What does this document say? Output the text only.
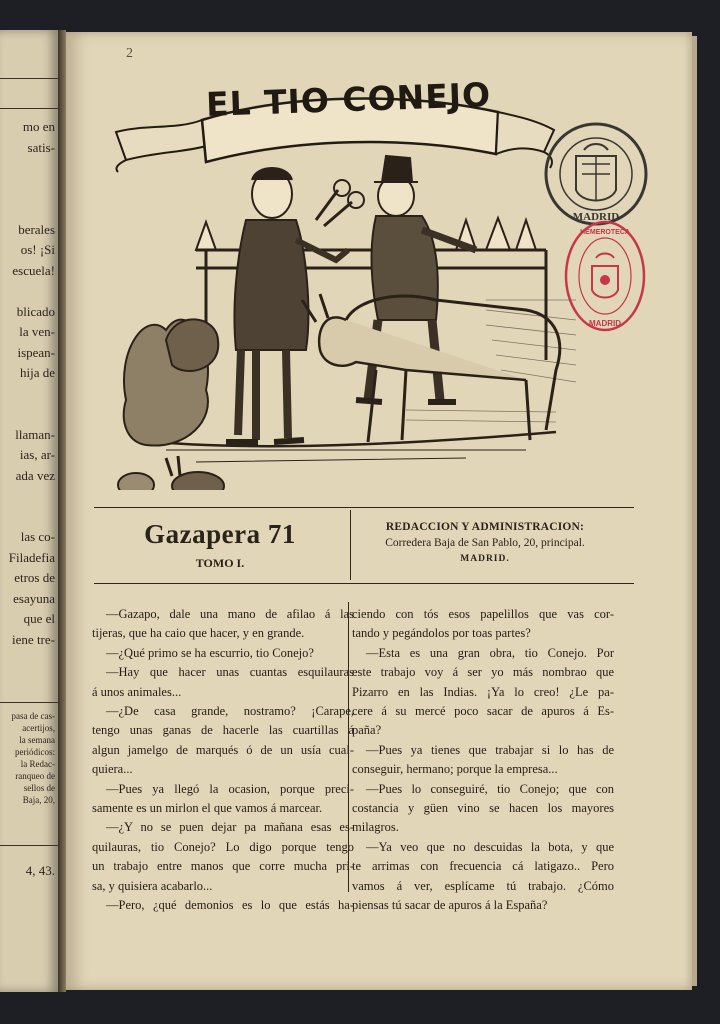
4, 43.
mo en
satis-
berales
os! ¡Si
escuela!
blicado
la ven-
ispean-
hija de
llaman-
ias, ar-
ada vez
las co-
Filadefia
etros de
esayuna
que el
iene tre-
pasa de cas-
acertijos,
la semana
periódicos:
la Redac-
ranqueo de
sellos de
Baja, 20,
2
EL TIO CONEJO
MADRID
HEMEROTECA
MADRID
Gazapera 71
TOMO I.
REDACCION Y ADMINISTRACION:
Corredera Baja de San Pablo, 20, principal.
MADRID.
—Gazapo, dale una mano de afilao á las
tijeras, que ha caio que hacer, y en grande.
—¿Qué primo se ha escurrio, tio Conejo?
—Hay que hacer unas cuantas esquilauras
á unos animales...
—¿De casa grande, nostramo? ¡Carape,
tengo unas ganas de hacerle las cuartillas á
algun jamelgo de marqués ó de un usía cual-
quiera...
—Pues ya llegó la ocasion, porque preci-
samente es un mirlon el que vamos á marcear.
—¿Y no se puen dejar pa mañana esas es-
quilauras, tio Conejo? Lo digo porque tengo
un trabajo entre manos que corre mucha pri-
sa, y quisiera acabarlo...
—Pero, ¿qué demonios es lo que estás ha-
ciendo con tós esos papelillos que vas cor-
tando y pegándolos por toas partes?
—Esta es una gran obra, tio Conejo. Por
este trabajo voy á ser yo más nombrao que
Pizarro en las Indias. ¡Ya lo creo! ¿Le pa-
cere á su mercé poco sacar de apuros á Es-
paña?
—Pues ya tienes que trabajar si lo has de
conseguir, hermano; porque la empresa...
—Pues lo conseguiré, tio Conejo; que con
costancia y güen vino se hacen los mayores
milagros.
—Ya veo que no descuidas la bota, y que
te arrimas con frecuencia cá latigazo.. Pero
vamos á ver, esplícame tú trabajo. ¿Cómo
piensas tú sacar de apuros á la España?
